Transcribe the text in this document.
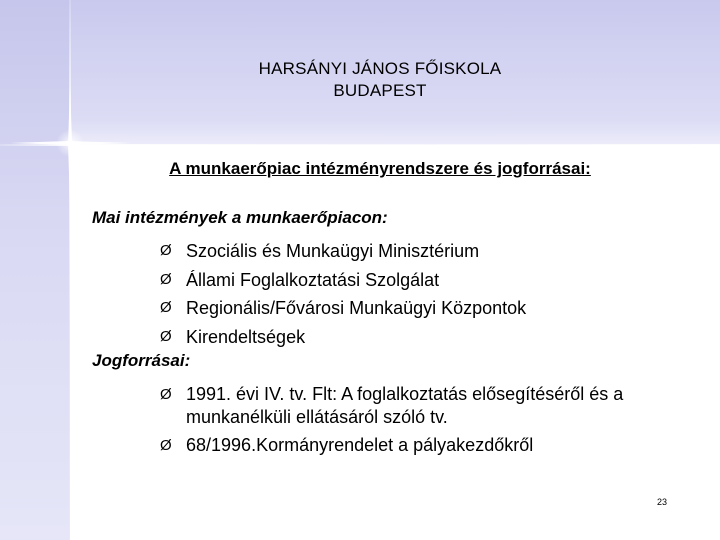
HARSÁNYI JÁNOS FŐISKOLA
BUDAPEST
A munkaerőpiac intézményrendszere és jogforrásai:
Mai intézmények a munkaerőpiacon:
Ø Szociális és Munkaügyi Minisztérium
Ø Állami Foglalkoztatási Szolgálat
Ø Regionális/Fővárosi Munkaügyi Központok
Ø Kirendeltségek
Jogforrásai:
Ø 1991. évi IV. tv. Flt: A foglalkoztatás elősegítéséről és a munkanélküli ellátásáról szóló tv.
Ø 68/1996.Kormányrendelet a pályakezdőkről
23
